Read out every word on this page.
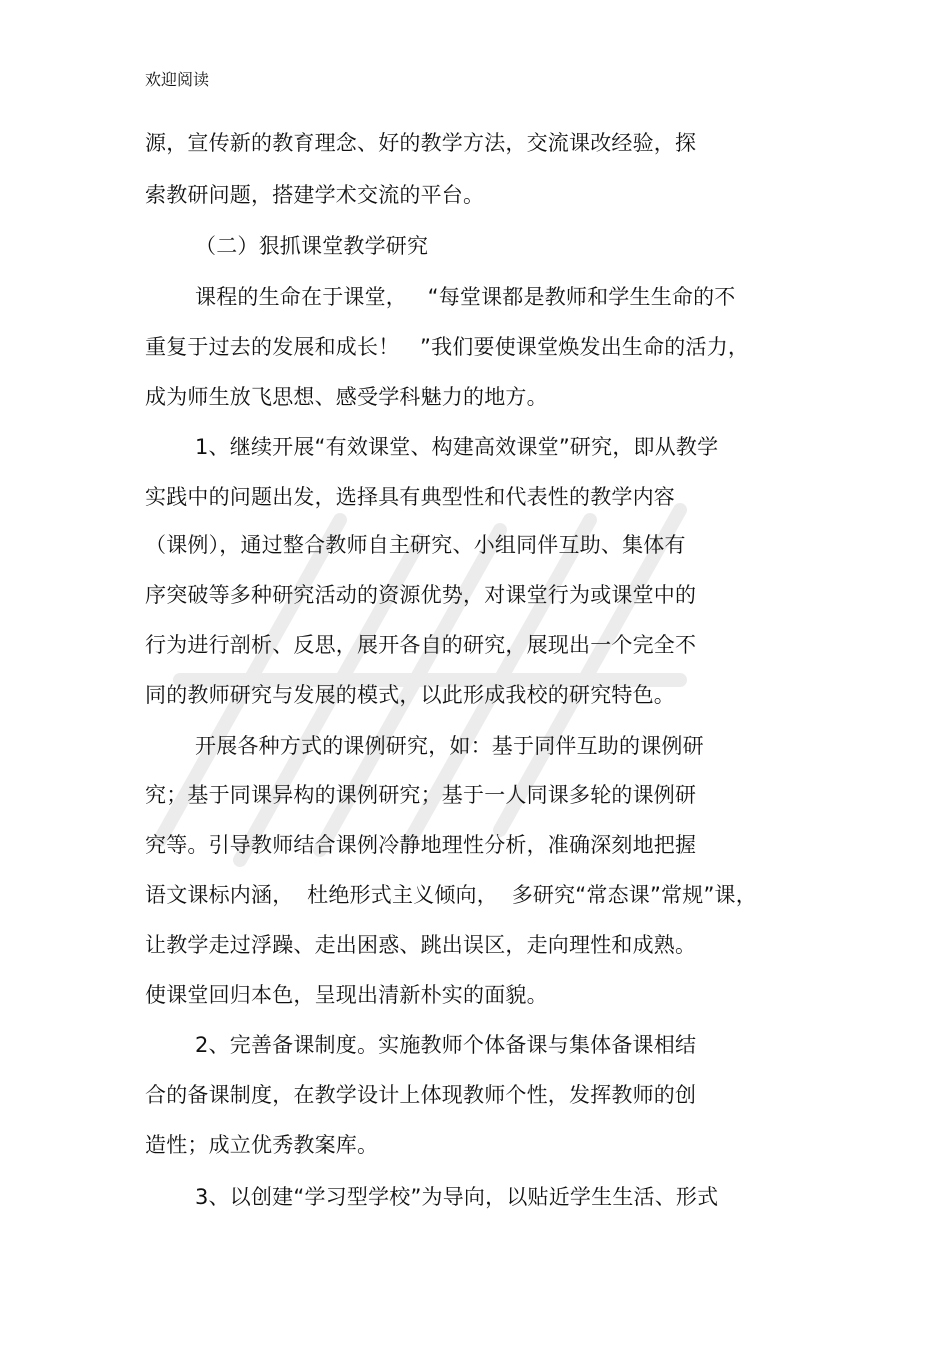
欢迎阅读
源，宣传新的教育理念、好的教学方法，交流课改经验，探
索教研问题，搭建学术交流的平台。
（二）狠抓课堂教学研究
课程的生命在于课堂，   “每堂课都是教师和学生生命的不
重复于过去的发展和成长！   ”我们要使课堂焕发出生命的活力，
成为师生放飞思想、感受学科魅力的地方。
1、继续开展“有效课堂、构建高效课堂”研究，即从教学
实践中的问题出发，选择具有典型性和代表性的教学内容
（课例），通过整合教师自主研究、小组同伴互助、集体有
序突破等多种研究活动的资源优势，对课堂行为或课堂中的
行为进行剖析、反思，展开各自的研究，展现出一个完全不
同的教师研究与发展的模式，以此形成我校的研究特色。
开展各种方式的课例研究，如：基于同伴互助的课例研
究；基于同课异构的课例研究；基于一人同课多轮的课例研
究等。引导教师结合课例冷静地理性分析，准确深刻地把握
语文课标内涵，  杜绝形式主义倾向，  多研究“常态课”常规”课，
让教学走过浮躁、走出困惑、跳出误区，走向理性和成熟。
使课堂回归本色，呈现出清新朴实的面貌。
2、完善备课制度。实施教师个体备课与集体备课相结
合的备课制度，在教学设计上体现教师个性，发挥教师的创
造性；成立优秀教案库。
3、以创建“学习型学校”为导向，以贴近学生生活、形式
